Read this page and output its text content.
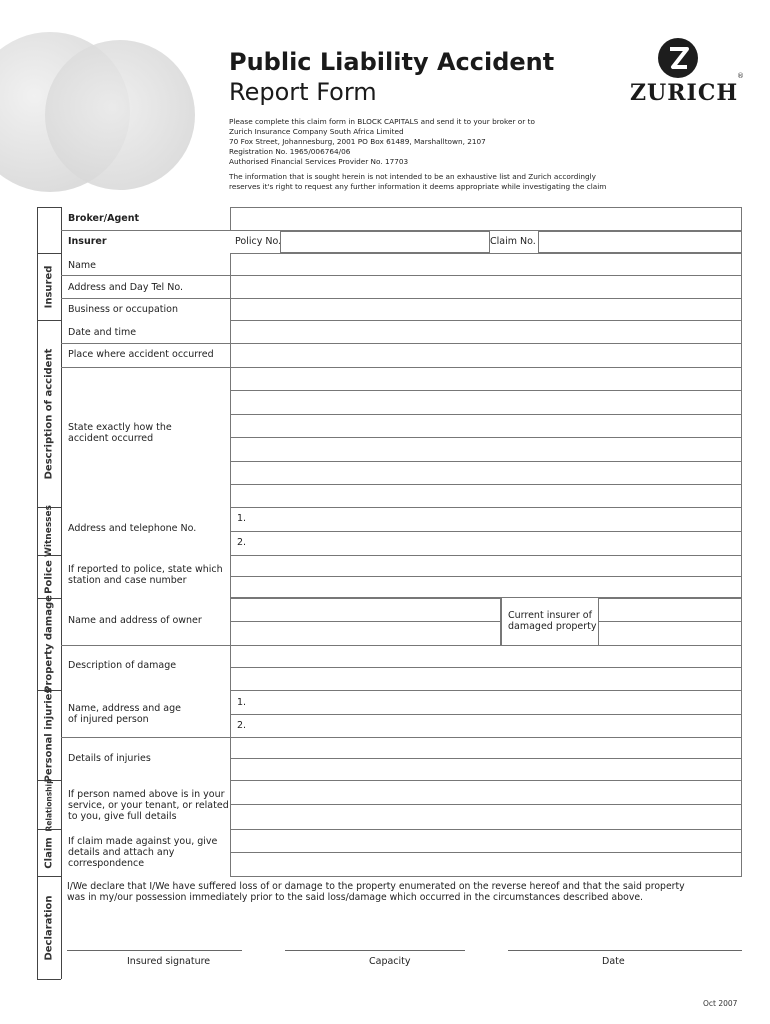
Public Liability Accident
Report Form	ZURICH
®
Please complete this claim form in BLOCK CAPITALS and send it to your broker or to
Zurich Insurance Company South Africa Limited
70 Fox Street, Johannesburg, 2001 PO Box 61489, Marshalltown, 2107
Registration No. 1965/006764/06
Authorised Financial Services Provider No. 17703
The information that is sought herein is not intended to be an exhaustive list and Zurich accordingly
reserves it's right to request any further information it deems appropriate while investigating the claim
Insured
Description of accident
Witnesses
Police
Property damage
Personal injuries
Relationship
Claim
Declaration
Broker/Agent
Insurer	Policy No.	Claim No.
Name
Address and Day Tel No.
Business or occupation
Date and time
Place where accident occurred
State exactly how the
accident occurred
Address and telephone No.
1.
2.
If reported to police, state which
station and case number
Name and address of owner	Current insurer of
damaged property
Description of damage
Name, address and age
of injured person
1.
2.
Details of injuries
If person named above is in your
service, or your tenant, or related
to you, give full details
If claim made against you, give
details and attach any
correspondence
I/We declare that I/We have suffered loss of or damage to the property enumerated on the reverse hereof and that the said property
was in my/our possession immediately prior to the said loss/damage which occurred in the circumstances described above.
Insured signature	Capacity	Date
Oct 2007
